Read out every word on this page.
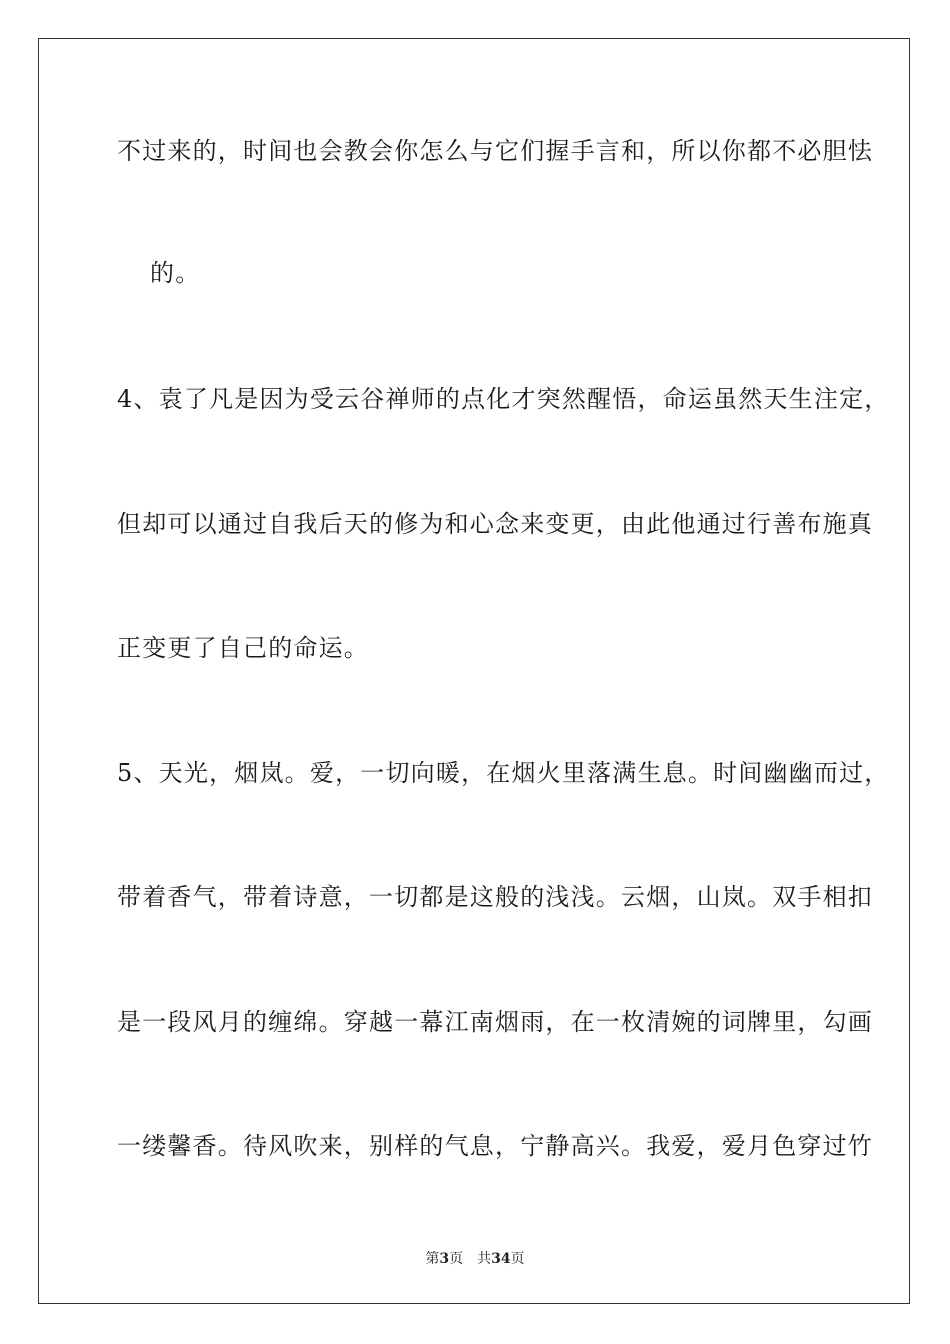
不过来的，时间也会教会你怎么与它们握手言和，所以你都不必胆怯
的。
4、袁了凡是因为受云谷禅师的点化才突然醒悟，命运虽然天生注定，
但却可以通过自我后天的修为和心念来变更，由此他通过行善布施真
正变更了自己的命运。
5、天光，烟岚。爱，一切向暖，在烟火里落满生息。时间幽幽而过，
带着香气，带着诗意，一切都是这般的浅浅。云烟，山岚。双手相扣
是一段风月的缠绵。穿越一幕江南烟雨，在一枚清婉的词牌里，勾画
一缕馨香。待风吹来，别样的气息，宁静高兴。我爱，爱月色穿过竹
第3页 共34页
